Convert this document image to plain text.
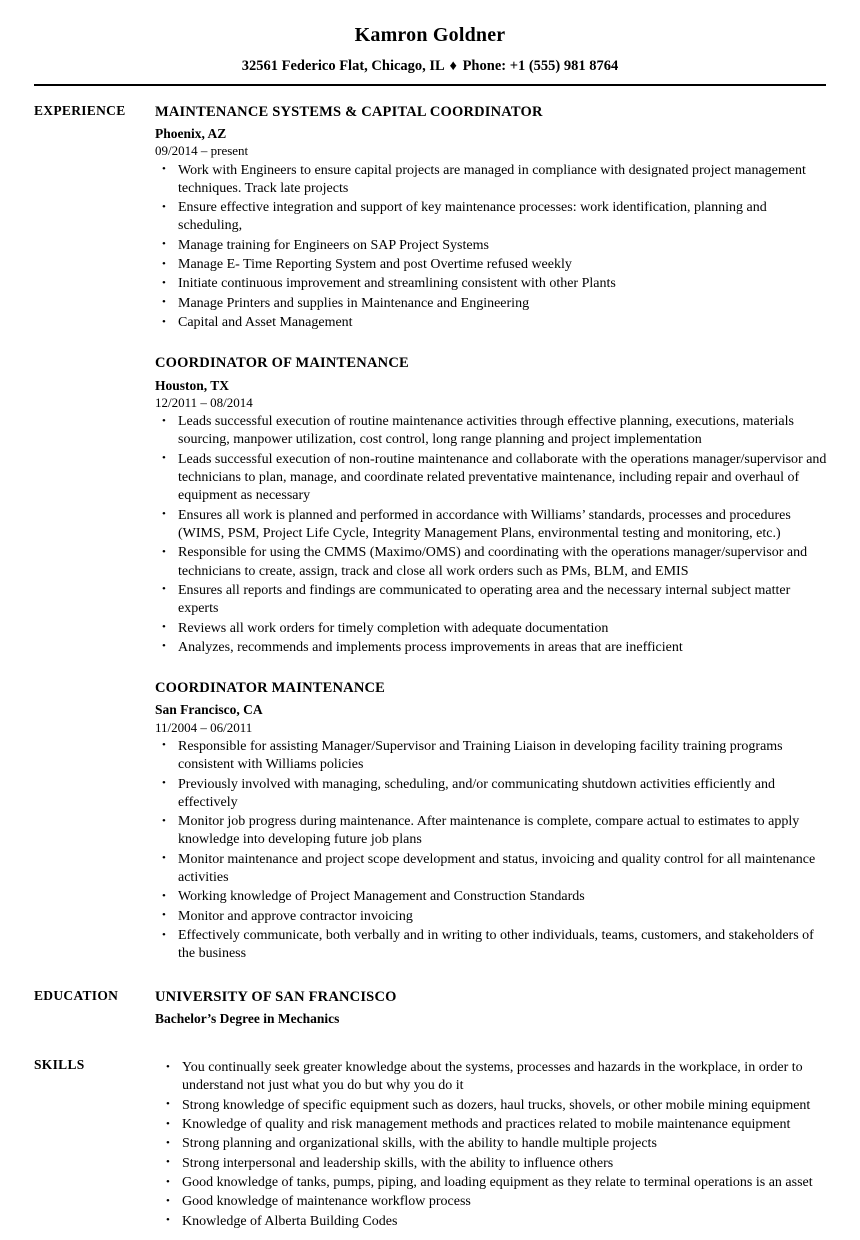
Kamron Goldner
32561 Federico Flat, Chicago, IL ♦ Phone: +1 (555) 981 8764
EXPERIENCE	MAINTENANCE SYSTEMS & CAPITAL COORDINATOR
Phoenix, AZ
09/2014 – present
• Work with Engineers to ensure capital projects are managed in compliance with designated project management techniques. Track late projects
• Ensure effective integration and support of key maintenance processes: work identification, planning and scheduling,
• Manage training for Engineers on SAP Project Systems
• Manage E- Time Reporting System and post Overtime refused weekly
• Initiate continuous improvement and streamlining consistent with other Plants
• Manage Printers and supplies in Maintenance and Engineering
• Capital and Asset Management
COORDINATOR OF MAINTENANCE
Houston, TX
12/2011 – 08/2014
• Leads successful execution of routine maintenance activities through effective planning, executions, materials sourcing, manpower utilization, cost control, long range planning and project implementation
• Leads successful execution of non-routine maintenance and collaborate with the operations manager/supervisor and technicians to plan, manage, and coordinate related preventative maintenance, including repair and overhaul of equipment as necessary
• Ensures all work is planned and performed in accordance with Williams’ standards, processes and procedures (WIMS, PSM, Project Life Cycle, Integrity Management Plans, environmental testing and monitoring, etc.)
• Responsible for using the CMMS (Maximo/OMS) and coordinating with the operations manager/supervisor and technicians to create, assign, track and close all work orders such as PMs, BLM, and EMIS
• Ensures all reports and findings are communicated to operating area and the necessary internal subject matter experts
• Reviews all work orders for timely completion with adequate documentation
• Analyzes, recommends and implements process improvements in areas that are inefficient
COORDINATOR MAINTENANCE
San Francisco, CA
11/2004 – 06/2011
• Responsible for assisting Manager/Supervisor and Training Liaison in developing facility training programs consistent with Williams policies
• Previously involved with managing, scheduling, and/or communicating shutdown activities efficiently and effectively
• Monitor job progress during maintenance. After maintenance is complete, compare actual to estimates to apply knowledge into developing future job plans
• Monitor maintenance and project scope development and status, invoicing and quality control for all maintenance activities
• Working knowledge of Project Management and Construction Standards
• Monitor and approve contractor invoicing
• Effectively communicate, both verbally and in writing to other individuals, teams, customers, and stakeholders of the business
EDUCATION	UNIVERSITY OF SAN FRANCISCO
Bachelor’s Degree in Mechanics
SKILLS	• You continually seek greater knowledge about the systems, processes and hazards in the workplace, in order to understand not just what you do but why you do it
• Strong knowledge of specific equipment such as dozers, haul trucks, shovels, or other mobile mining equipment
• Knowledge of quality and risk management methods and practices related to mobile maintenance equipment
• Strong planning and organizational skills, with the ability to handle multiple projects
• Strong interpersonal and leadership skills, with the ability to influence others
• Good knowledge of tanks, pumps, piping, and loading equipment as they relate to terminal operations is an asset
• Good knowledge of maintenance workflow process
• Knowledge of Alberta Building Codes
